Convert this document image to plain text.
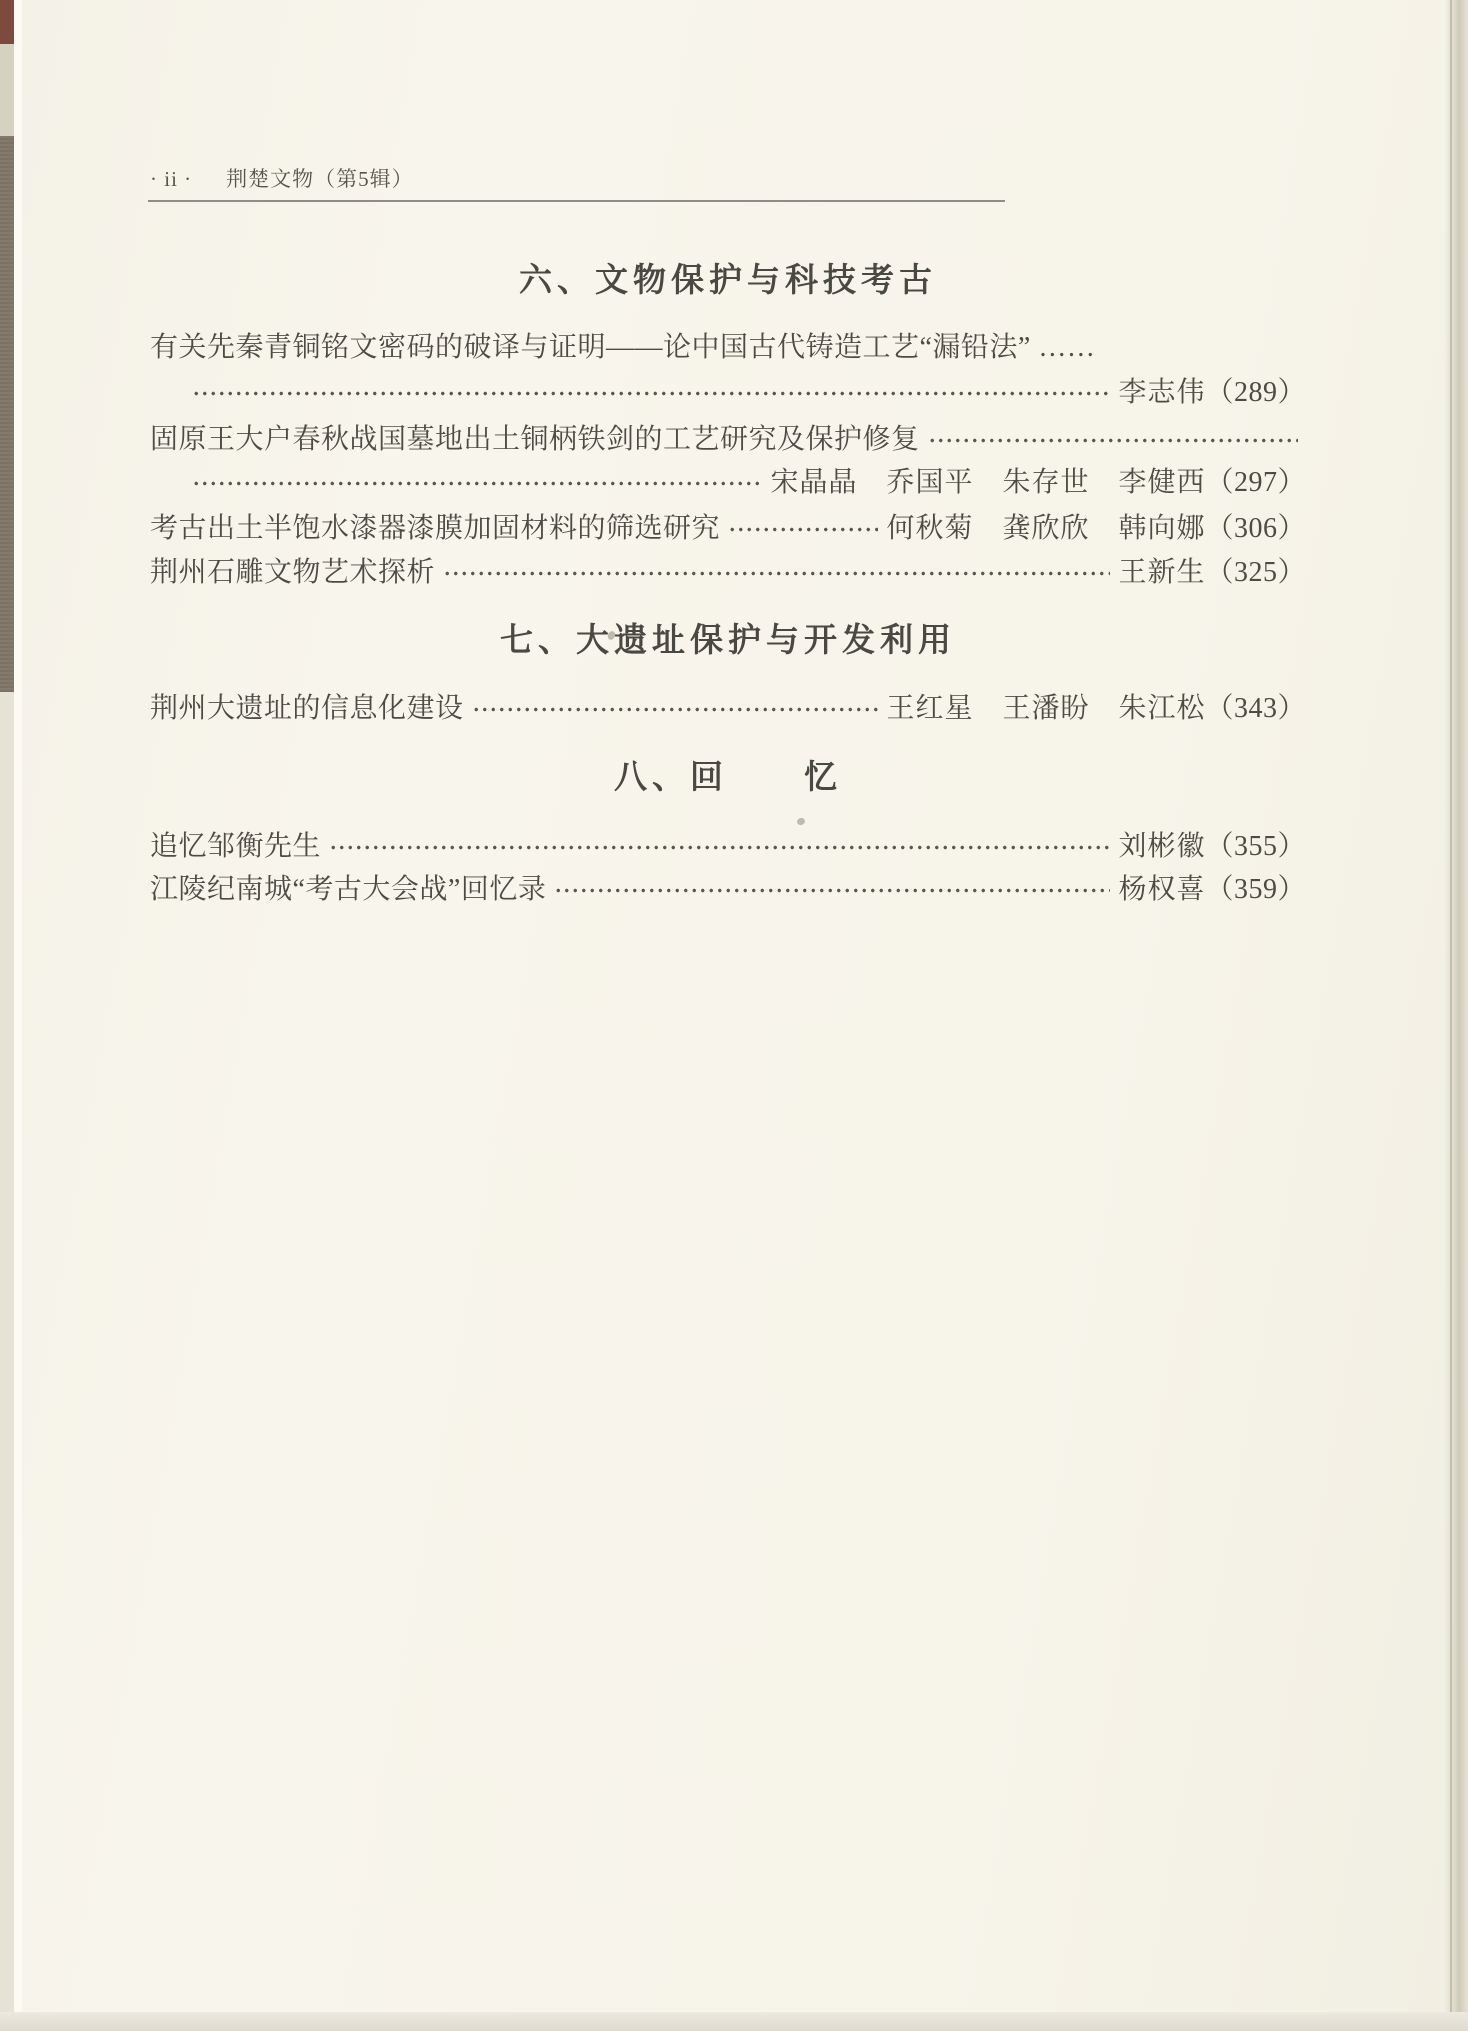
· ii · 荆楚文物（第5辑）
六、文物保护与科技考古
有关先秦青铜铭文密码的破译与证明——论中国古代铸造工艺“漏铅法” ……
李志伟 （289）
固原王大户春秋战国墓地出土铜柄铁剑的工艺研究及保护修复
宋晶晶　乔国平　朱存世　李健西 （297）
考古出土半饱水漆器漆膜加固材料的筛选研究	何秋菊　龚欣欣　韩向娜 （306）
荆州石雕文物艺术探析	王新生 （325）
七、大遗址保护与开发利用
荆州大遗址的信息化建设	王红星　王潘盼　朱江松 （343）
八、回　　忆
追忆邹衡先生	刘彬徽 （355）
江陵纪南城“考古大会战”回忆录	杨权喜 （359）
